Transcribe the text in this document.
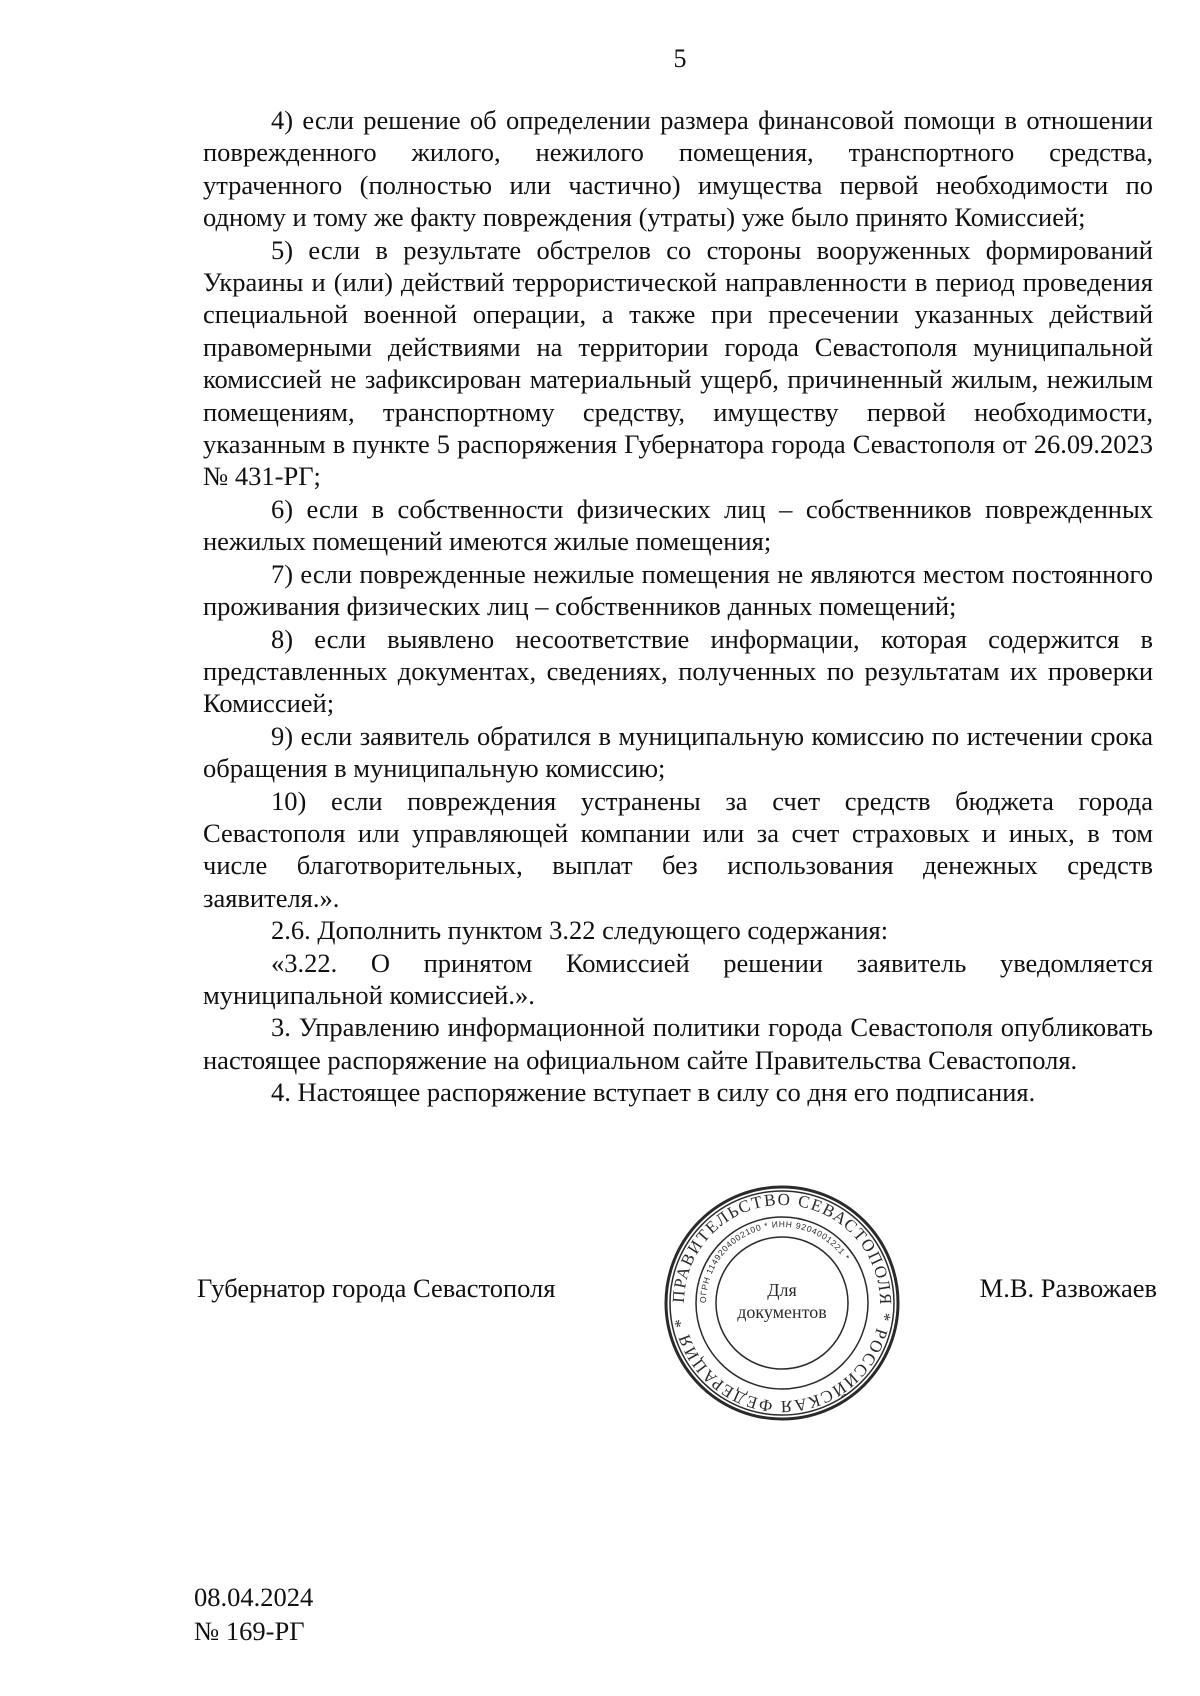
5

4) если решение об определении размера финансовой помощи в отношении поврежденного жилого, нежилого помещения, транспортного средства, утраченного (полностью или частично) имущества первой необходимости по одному и тому же факту повреждения (утраты) уже было принято Комиссией;

5) если в результате обстрелов со стороны вооруженных формирований Украины и (или) действий террористической направленности в период проведения специальной военной операции, а также при пресечении указанных действий правомерными действиями на территории города Севастополя муниципальной комиссией не зафиксирован материальный ущерб, причиненный жилым, нежилым помещениям, транспортному средству, имуществу первой необходимости, указанным в пункте 5 распоряжения Губернатора города Севастополя от 26.09.2023 № 431-РГ;

6) если в собственности физических лиц – собственников поврежденных нежилых помещений имеются жилые помещения;

7) если поврежденные нежилые помещения не являются местом постоянного проживания физических лиц – собственников данных помещений;

8) если выявлено несоответствие информации, которая содержится в представленных документах, сведениях, полученных по результатам их проверки Комиссией;

9) если заявитель обратился в муниципальную комиссию по истечении срока обращения в муниципальную комиссию;

10) если повреждения устранены за счет средств бюджета города Севастополя или управляющей компании или за счет страховых и иных, в том числе благотворительных, выплат без использования денежных средств заявителя.».

2.6. Дополнить пунктом 3.22 следующего содержания:

«3.22. О принятом Комиссией решении заявитель уведомляется муниципальной комиссией.».

3. Управлению информационной политики города Севастополя опубликовать настоящее распоряжение на официальном сайте Правительства Севастополя.

4. Настоящее распоряжение вступает в силу со дня его подписания.

Губернатор города Севастополя	М.В. Развожаев
ПРАВИТЕЛЬСТВО СЕВАСТОПОЛЯ * РОССИЙСКАЯ ФЕДЕРАЦИЯ *
ОГРН 1149204002100 * ИНН 9204001221 *
Для
документов
08.04.2024
№ 169-РГ
